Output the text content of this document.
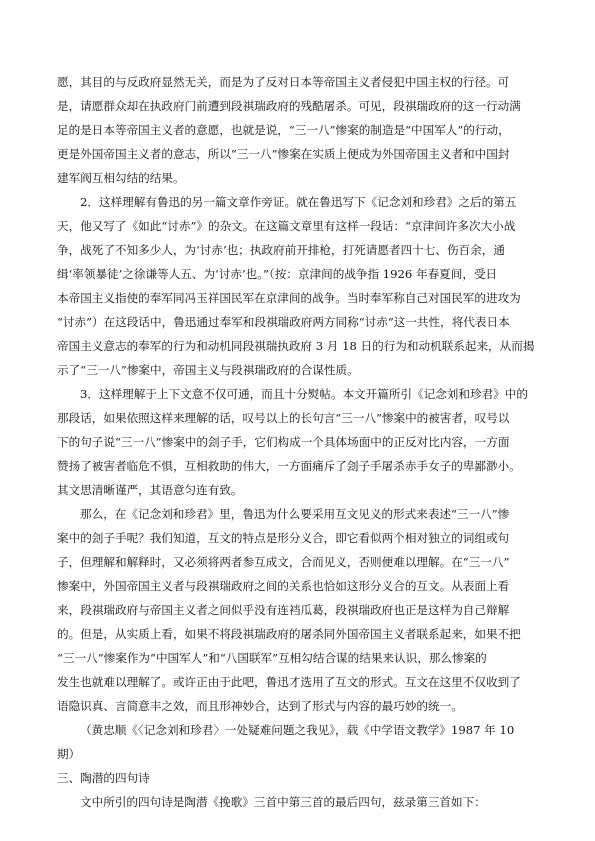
愿，其目的与反政府显然无关，而是为了反对日本等帝国主义者侵犯中国主权的行径。可
是，请愿群众却在执政府门前遭到段祺瑞政府的残酷屠杀。可见，段祺瑞政府的这一行动满
足的是日本等帝国主义者的意愿，也就是说，“三一八”惨案的制造是“中国军人”的行动，
更是外国帝国主义者的意志，所以“三一八”惨案在实质上便成为外国帝国主义者和中国封
建军阀互相勾结的结果。
2．这样理解有鲁迅的另一篇文章作旁证。就在鲁迅写下《记念刘和珍君》之后的第五
天，他又写了《如此“讨赤”》的杂文。在这篇文章里有这样一段话：“京津间许多次大小战
争，战死了不知多少人，为‘讨赤’也；执政府前开排枪，打死请愿者四十七、伤百余，通
缉‘率领暴徒’之徐谦等人五、为‘讨赤’也。”（按：京津间的战争指 1926 年春夏间，受日
本帝国主义指使的奉军同冯玉祥国民军在京津间的战争。当时奉军称自己对国民军的进攻为
“讨赤”）在这段话中，鲁迅通过奉军和段祺瑞政府两方同称“讨赤”这一共性，将代表日本
帝国主义意志的奉军的行为和动机同段祺瑞执政府 3 月 18 日的行为和动机联系起来，从而揭
示了“三一八”惨案中，帝国主义与段祺瑞政府的合谋性质。
3．这样理解于上下文意不仅可通，而且十分熨帖。本文开篇所引《记念刘和珍君》中的
那段话，如果依照这样来理解的话，叹号以上的长句言“三一八”惨案中的被害者，叹号以
下的句子说“三一八”惨案中的刽子手，它们构成一个具体场面中的正反对比内容，一方面
赞扬了被害者临危不惧，互相救助的伟大，一方面痛斥了刽子手屠杀赤手女子的卑鄙渺小。
其文思清晰谨严，其语意匀连有致。
那么，在《记念刘和珍君》里，鲁迅为什么要采用互文见义的形式来表述“三一八”惨
案中的刽子手呢？我们知道，互文的特点是形分义合，即它看似两个相对独立的词组或句
子，但理解和解释时，又必须将两者参互成文，合而见义，否则便难以理解。在“三一八”
惨案中，外国帝国主义者与段祺瑞政府之间的关系也恰如这形分义合的互文。从表面上看
来，段祺瑞政府与帝国主义者之间似乎没有连裆瓜葛，段祺瑞政府也正是这样为自己辩解
的。但是，从实质上看，如果不将段祺瑞政府的屠杀同外国帝国主义者联系起来，如果不把
“三一八”惨案作为“中国军人”和“八国联军”互相勾结合谋的结果来认识，那么惨案的
发生也就难以理解了。或许正由于此吧，鲁迅才选用了互文的形式。互文在这里不仅收到了
语隐识真、言简意丰之效，而且形神妙合，达到了形式与内容的最巧妙的统一。
（黄忠顺《〈记念刘和珍君〉一处疑难问题之我见》，载《中学语文教学》1987 年 10
期）
三、陶潜的四句诗
文中所引的四句诗是陶潜《挽歌》三首中第三首的最后四句，兹录第三首如下：
